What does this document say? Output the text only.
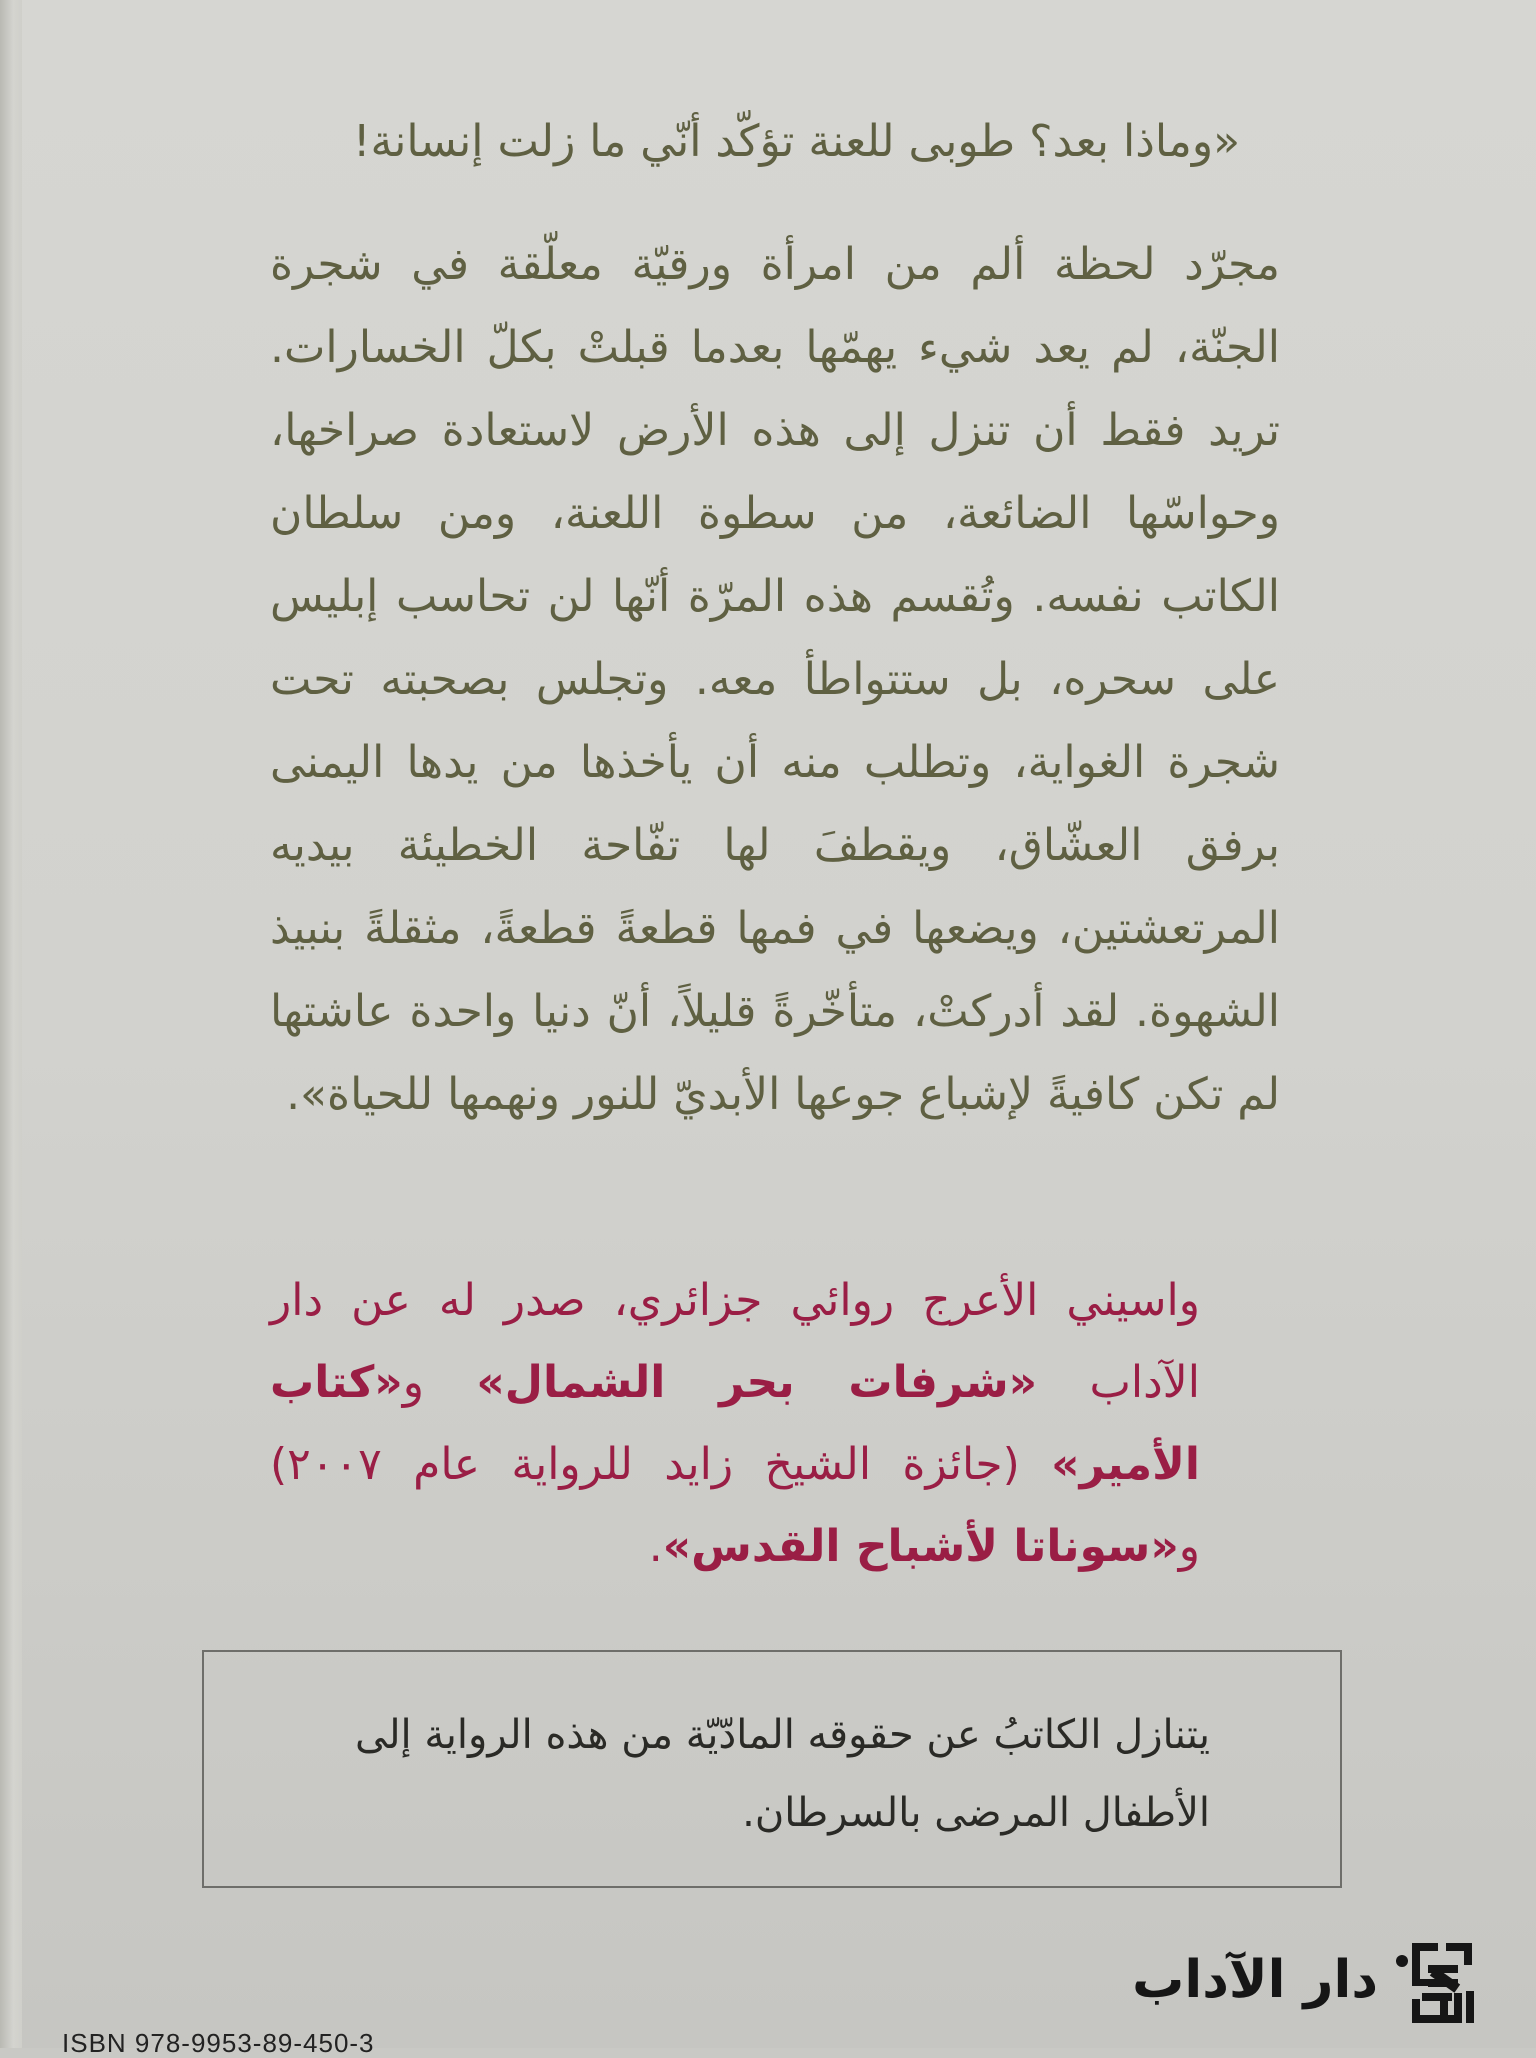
«وماذا بعد؟ طوبى للعنة تؤكّد أنّي ما زلت إنسانة!

مجرّد لحظة ألم من امرأة ورقيّة معلّقة في شجرة الجنّة، لم يعد شيء يهمّها بعدما قبلتْ بكلّ الخسارات. تريد فقط أن تنزل إلى هذه الأرض لاستعادة صراخها، وحواسّها الضائعة، من سطوة اللعنة، ومن سلطان الكاتب نفسه. وتُقسم هذه المرّة أنّها لن تحاسب إبليس على سحره، بل ستتواطأ معه. وتجلس بصحبته تحت شجرة الغواية، وتطلب منه أن يأخذها من يدها اليمنى برفق العشّاق، ويقطفَ لها تفّاحة الخطيئة بيديه المرتعشتين، ويضعها في فمها قطعةً قطعةً، مثقلةً بنبيذ الشهوة. لقد أدركتْ، متأخّرةً قليلاً، أنّ دنيا واحدة عاشتها لم تكن كافيةً لإشباع جوعها الأبديّ للنور ونهمها للحياة».

واسيني الأعرج روائي جزائري، صدر له عن دار الآداب «شرفات بحر الشمال» و«كتاب الأمير» (جائزة الشيخ زايد للرواية عام ٢٠٠٧) و«سوناتا لأشباح القدس».

يتنازل الكاتبُ عن حقوقه المادّيّة من هذه الرواية إلى الأطفال المرضى بالسرطان.

دار الآداب
ISBN 978-9953-89-450-3
